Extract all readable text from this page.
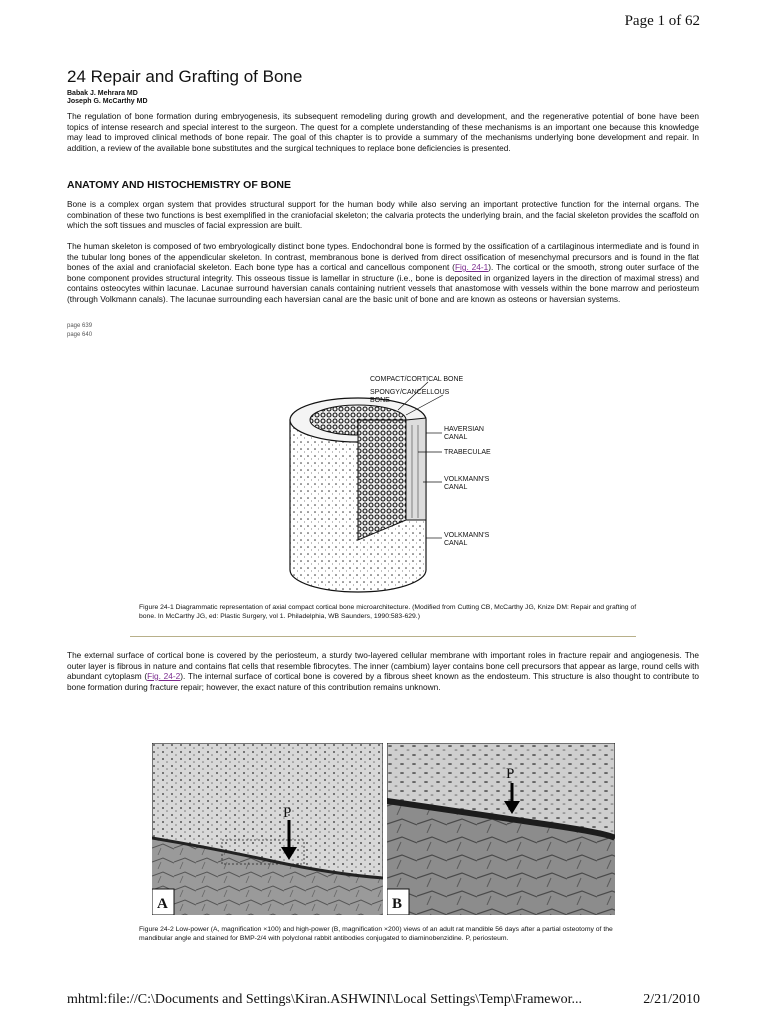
Page 1 of 62
24 Repair and Grafting of Bone
Babak J. Mehrara MD
Joseph G. McCarthy MD

The regulation of bone formation during embryogenesis, its subsequent remodeling during growth and development, and the regenerative potential of bone have been topics of intense research and special interest to the surgeon. The quest for a complete understanding of these mechanisms is an important one because this knowledge may lead to improved clinical methods of bone repair. The goal of this chapter is to provide a summary of the mechanisms underlying bone development and repair. In addition, a review of the available bone substitutes and the surgical techniques to replace bone deficiencies is presented.

ANATOMY AND HISTOCHEMISTRY OF BONE

Bone is a complex organ system that provides structural support for the human body while also serving an important protective function for the internal organs. The combination of these two functions is best exemplified in the craniofacial skeleton; the calvaria protects the underlying brain, and the facial skeleton provides the scaffold on which the soft tissues and muscles of facial expression are built.

The human skeleton is composed of two embryologically distinct bone types. Endochondral bone is formed by the ossification of a cartilaginous intermediate and is found in the tubular long bones of the appendicular skeleton. In contrast, membranous bone is derived from direct ossification of mesenchymal precursors and is found in the flat bones of the axial and craniofacial skeleton. Each bone type has a cortical and cancellous component (Fig. 24-1). The cortical or the smooth, strong outer surface of the bone component provides structural integrity. This osseous tissue is lamellar in structure (i.e., bone is deposited in organized layers in the direction of maximal stress) and contains osteocytes within lacunae. Lacunae surround haversian canals containing nutrient vessels that anastomose with vessels within the bone marrow and periosteum (through Volkmann canals). The lacunae surrounding each haversian canal are the basic unit of bone and are known as osteons or haversian systems.

page 639
page 640
COMPACT/CORTICAL BONE
SPONGY/CANCELLOUS
BONE
HAVERSIAN
CANAL
TRABECULAE
VOLKMANN'S
CANAL
VOLKMANN'S
CANAL

Figure 24-1 Diagrammatic representation of axial compact cortical bone microarchitecture. (Modified from Cutting CB, McCarthy JG, Knize DM: Repair and grafting of bone. In McCarthy JG, ed: Plastic Surgery, vol 1. Philadelphia, WB Saunders, 1990:583-629.)

The external surface of cortical bone is covered by the periosteum, a sturdy two-layered cellular membrane with important roles in fracture repair and angiogenesis. The outer layer is fibrous in nature and contains flat cells that resemble fibrocytes. The inner (cambium) layer contains bone cell precursors that appear as large, round cells with abundant cytoplasm (Fig. 24-2). The internal surface of cortical bone is covered by a fibrous sheet known as the endosteum. This structure is also thought to contribute to bone formation during fracture repair; however, the exact nature of this contribution remains unknown.

P
A
P
B

Figure 24-2 Low-power (A, magnification ×100) and high-power (B, magnification ×200) views of an adult rat mandible 56 days after a partial osteotomy of the mandibular angle and stained for BMP-2/4 with polyclonal rabbit antibodies conjugated to diaminobenzidine. P, periosteum.

mhtml:file://C:\Documents and Settings\Kiran.ASHWINI\Local Settings\Temp\Framewor...	2/21/2010
